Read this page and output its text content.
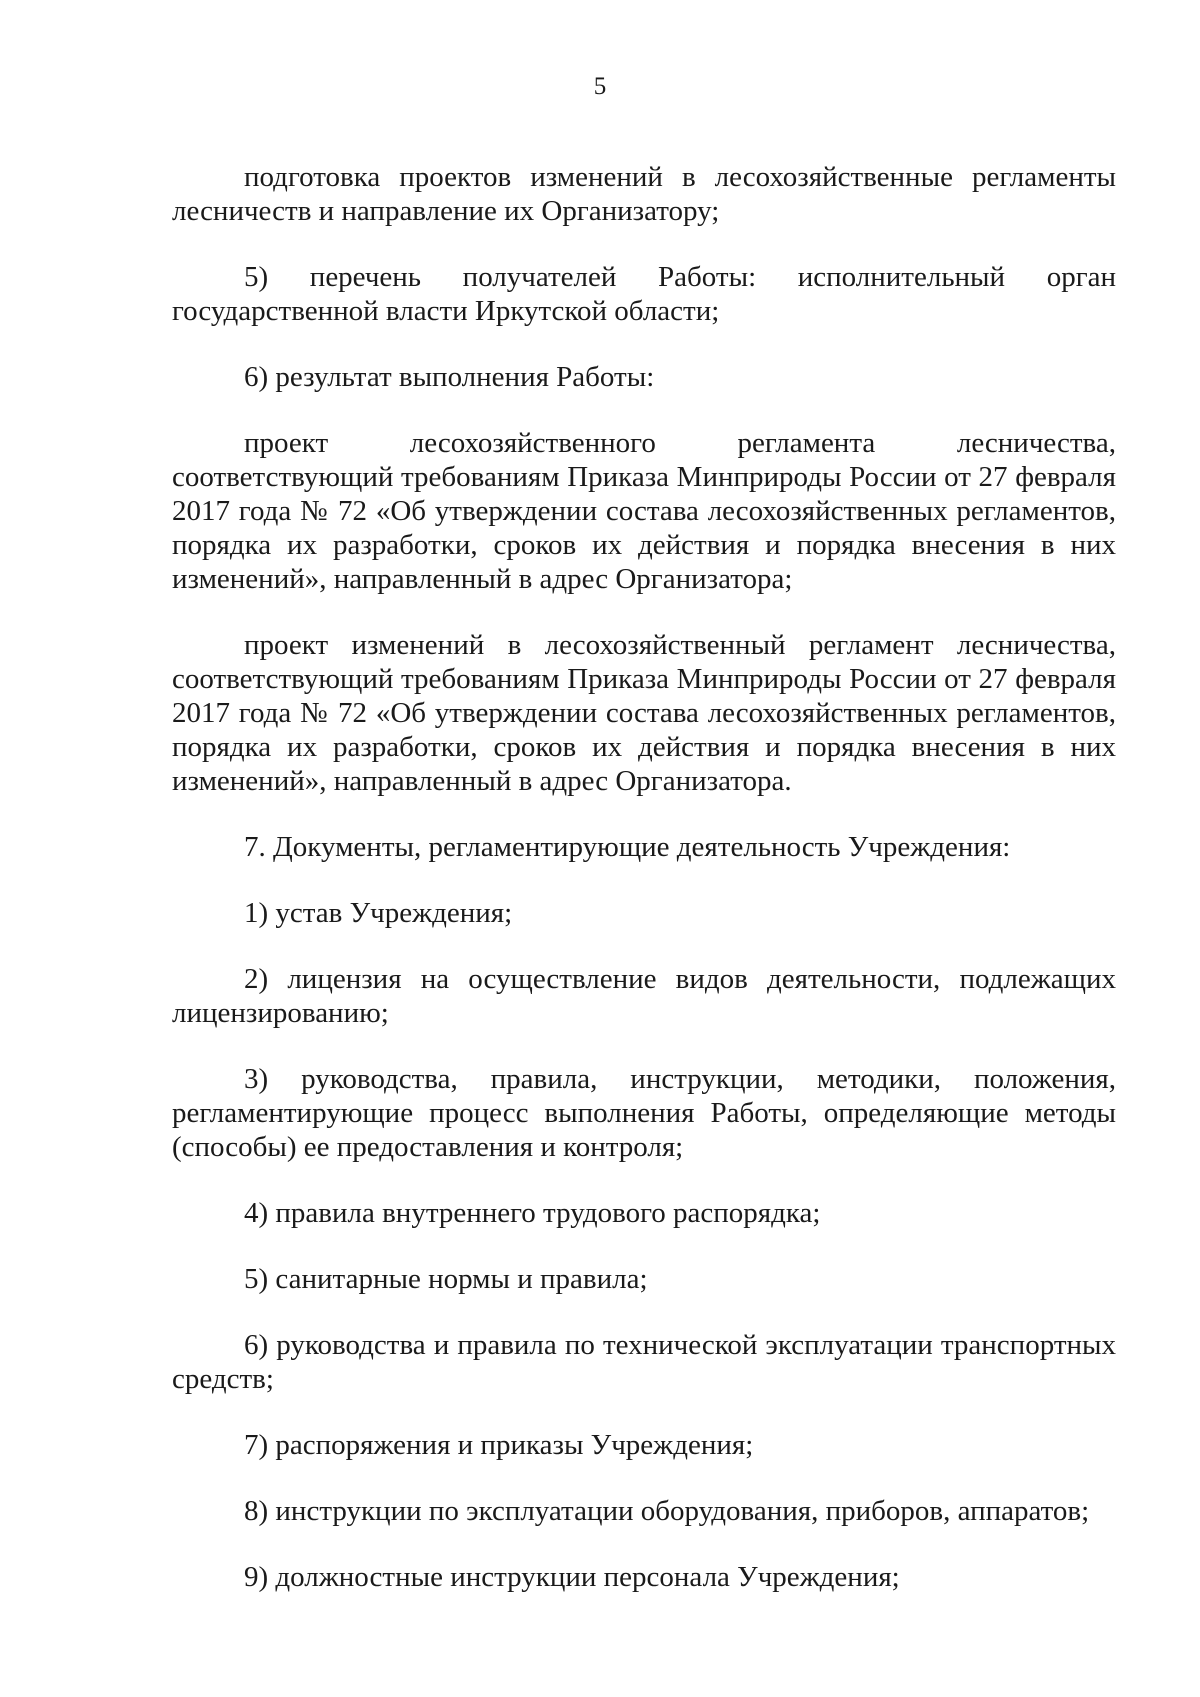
5

подготовка проектов изменений в лесохозяйственные регламенты лесничеств и направление их Организатору;

5) перечень получателей Работы: исполнительный орган государственной власти Иркутской области;

6) результат выполнения Работы:

проект лесохозяйственного регламента лесничества, соответствующий требованиям Приказа Минприроды России от 27 февраля 2017 года № 72 «Об утверждении состава лесохозяйственных регламентов, порядка их разработки, сроков их действия и порядка внесения в них изменений», направленный в адрес Организатора;

проект изменений в лесохозяйственный регламент лесничества, соответствующий требованиям Приказа Минприроды России от 27 февраля 2017 года № 72 «Об утверждении состава лесохозяйственных регламентов, порядка их разработки, сроков их действия и порядка внесения в них изменений», направленный в адрес Организатора.

7. Документы, регламентирующие деятельность Учреждения:

1) устав Учреждения;

2) лицензия на осуществление видов деятельности, подлежащих лицензированию;

3) руководства, правила, инструкции, методики, положения, регламентирующие процесс выполнения Работы, определяющие методы (способы) ее предоставления и контроля;

4) правила внутреннего трудового распорядка;

5) санитарные нормы и правила;

6) руководства и правила по технической эксплуатации транспортных средств;

7) распоряжения и приказы Учреждения;

8) инструкции по эксплуатации оборудования, приборов, аппаратов;

9) должностные инструкции персонала Учреждения;
